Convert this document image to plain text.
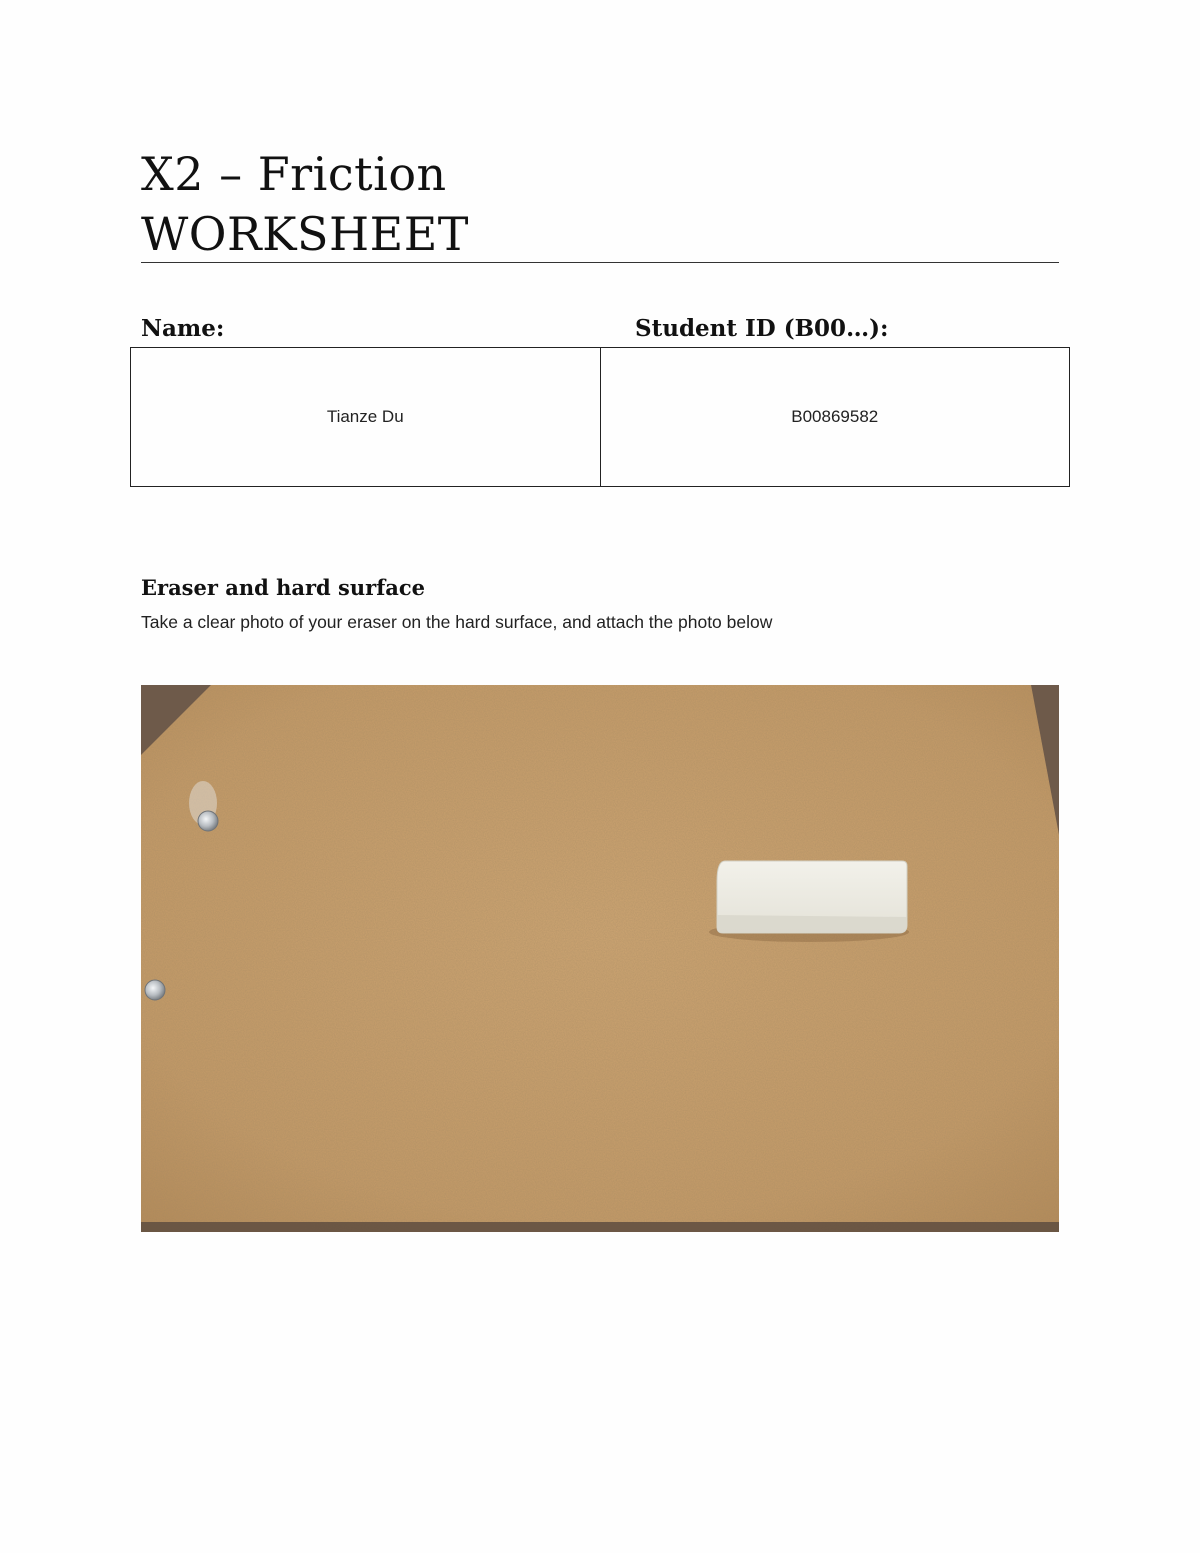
X2 – Friction
WORKSHEET
Name:	Student ID (B00…):
Tianze Du	B00869582
Eraser and hard surface
Take a clear photo of your eraser on the hard surface, and attach the photo below
